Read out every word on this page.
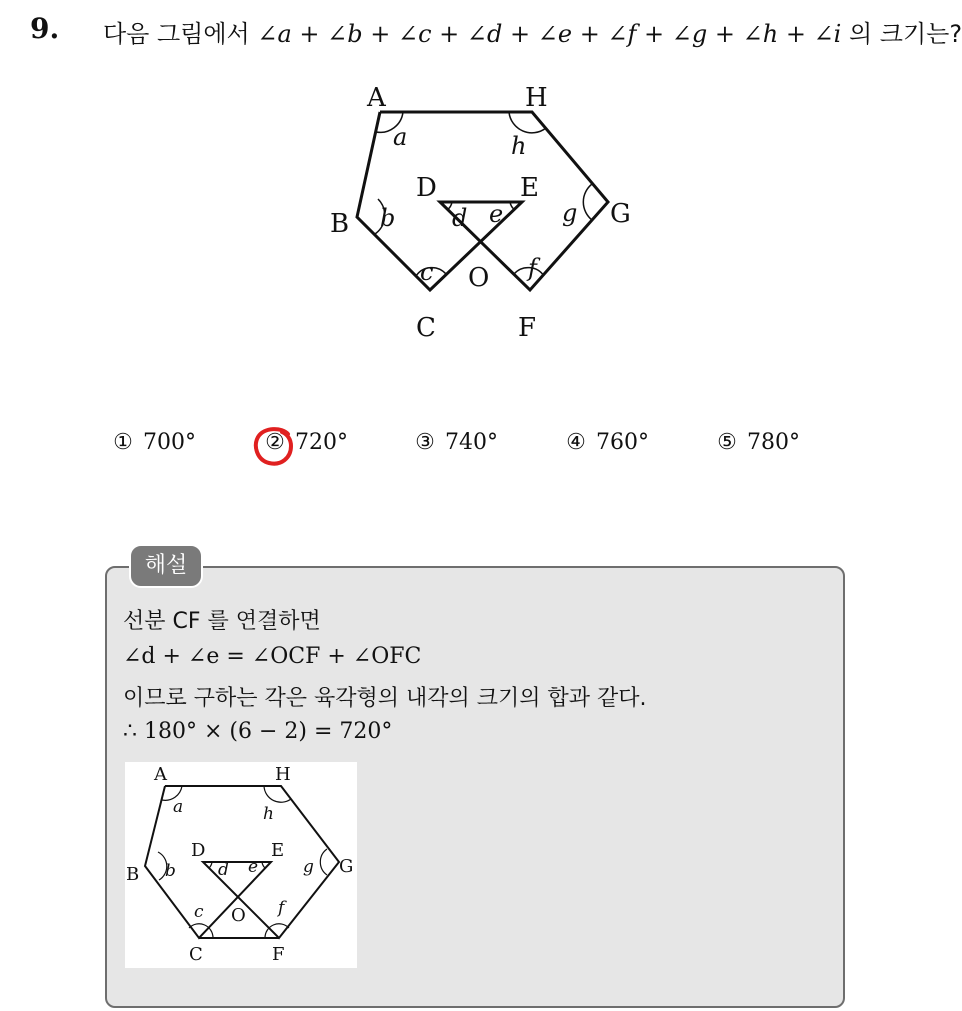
9. 다음 그림에서 ∠a + ∠b + ∠c + ∠d + ∠e + ∠f + ∠g + ∠h + ∠i 의 크기는?
A	H
B	G
D	E
O
C	F
a	h
b	g
d e
c	f
① 700°	② 720°	③ 740°	④ 760°	⑤ 780°
해설
선분 CF 를 연결하면
∠d + ∠e = ∠OCF + ∠OFC
이므로 구하는 각은 육각형의 내각의 크기의 합과 같다.
∴ 180° × (6 − 2) = 720°
A	H
B	G
D	E
O
C	F
a	h
b	g
d e
c	f
